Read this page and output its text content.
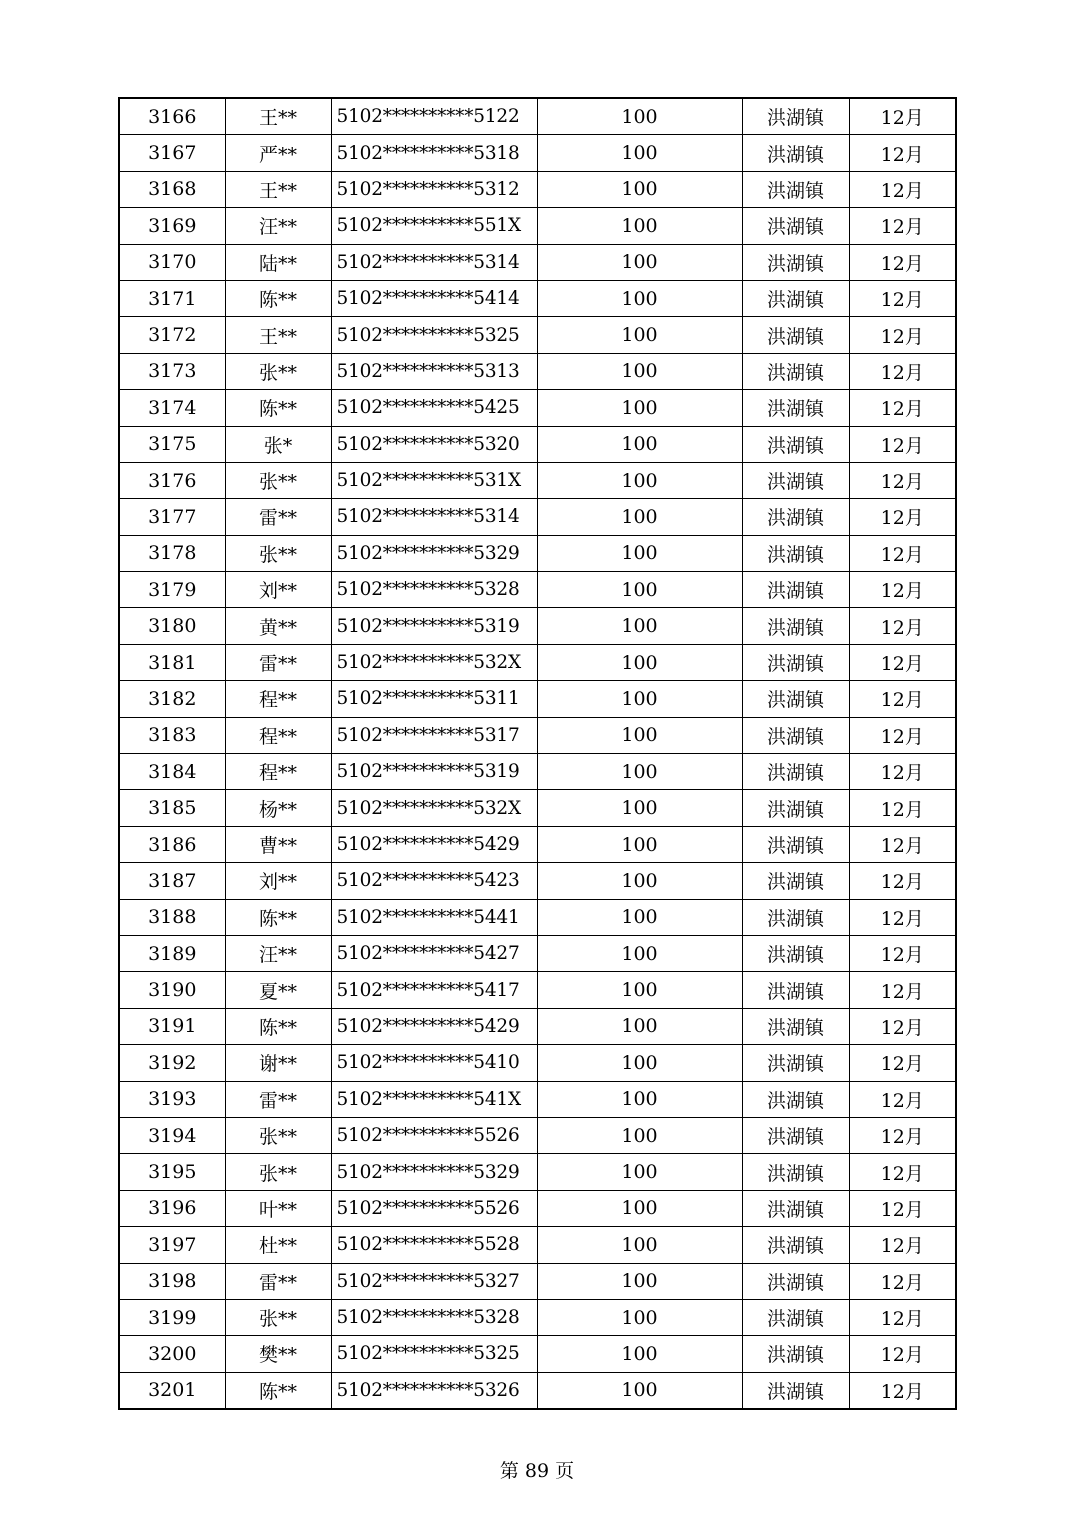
3166	王**	5102**********5122	100	洪湖镇	12月
3167	严**	5102**********5318	100	洪湖镇	12月
3168	王**	5102**********5312	100	洪湖镇	12月
3169	汪**	5102**********551X	100	洪湖镇	12月
3170	陆**	5102**********5314	100	洪湖镇	12月
3171	陈**	5102**********5414	100	洪湖镇	12月
3172	王**	5102**********5325	100	洪湖镇	12月
3173	张**	5102**********5313	100	洪湖镇	12月
3174	陈**	5102**********5425	100	洪湖镇	12月
3175	张*	5102**********5320	100	洪湖镇	12月
3176	张**	5102**********531X	100	洪湖镇	12月
3177	雷**	5102**********5314	100	洪湖镇	12月
3178	张**	5102**********5329	100	洪湖镇	12月
3179	刘**	5102**********5328	100	洪湖镇	12月
3180	黄**	5102**********5319	100	洪湖镇	12月
3181	雷**	5102**********532X	100	洪湖镇	12月
3182	程**	5102**********5311	100	洪湖镇	12月
3183	程**	5102**********5317	100	洪湖镇	12月
3184	程**	5102**********5319	100	洪湖镇	12月
3185	杨**	5102**********532X	100	洪湖镇	12月
3186	曹**	5102**********5429	100	洪湖镇	12月
3187	刘**	5102**********5423	100	洪湖镇	12月
3188	陈**	5102**********5441	100	洪湖镇	12月
3189	汪**	5102**********5427	100	洪湖镇	12月
3190	夏**	5102**********5417	100	洪湖镇	12月
3191	陈**	5102**********5429	100	洪湖镇	12月
3192	谢**	5102**********5410	100	洪湖镇	12月
3193	雷**	5102**********541X	100	洪湖镇	12月
3194	张**	5102**********5526	100	洪湖镇	12月
3195	张**	5102**********5329	100	洪湖镇	12月
3196	叶**	5102**********5526	100	洪湖镇	12月
3197	杜**	5102**********5528	100	洪湖镇	12月
3198	雷**	5102**********5327	100	洪湖镇	12月
3199	张**	5102**********5328	100	洪湖镇	12月
3200	樊**	5102**********5325	100	洪湖镇	12月
3201	陈**	5102**********5326	100	洪湖镇	12月
第 89 页
